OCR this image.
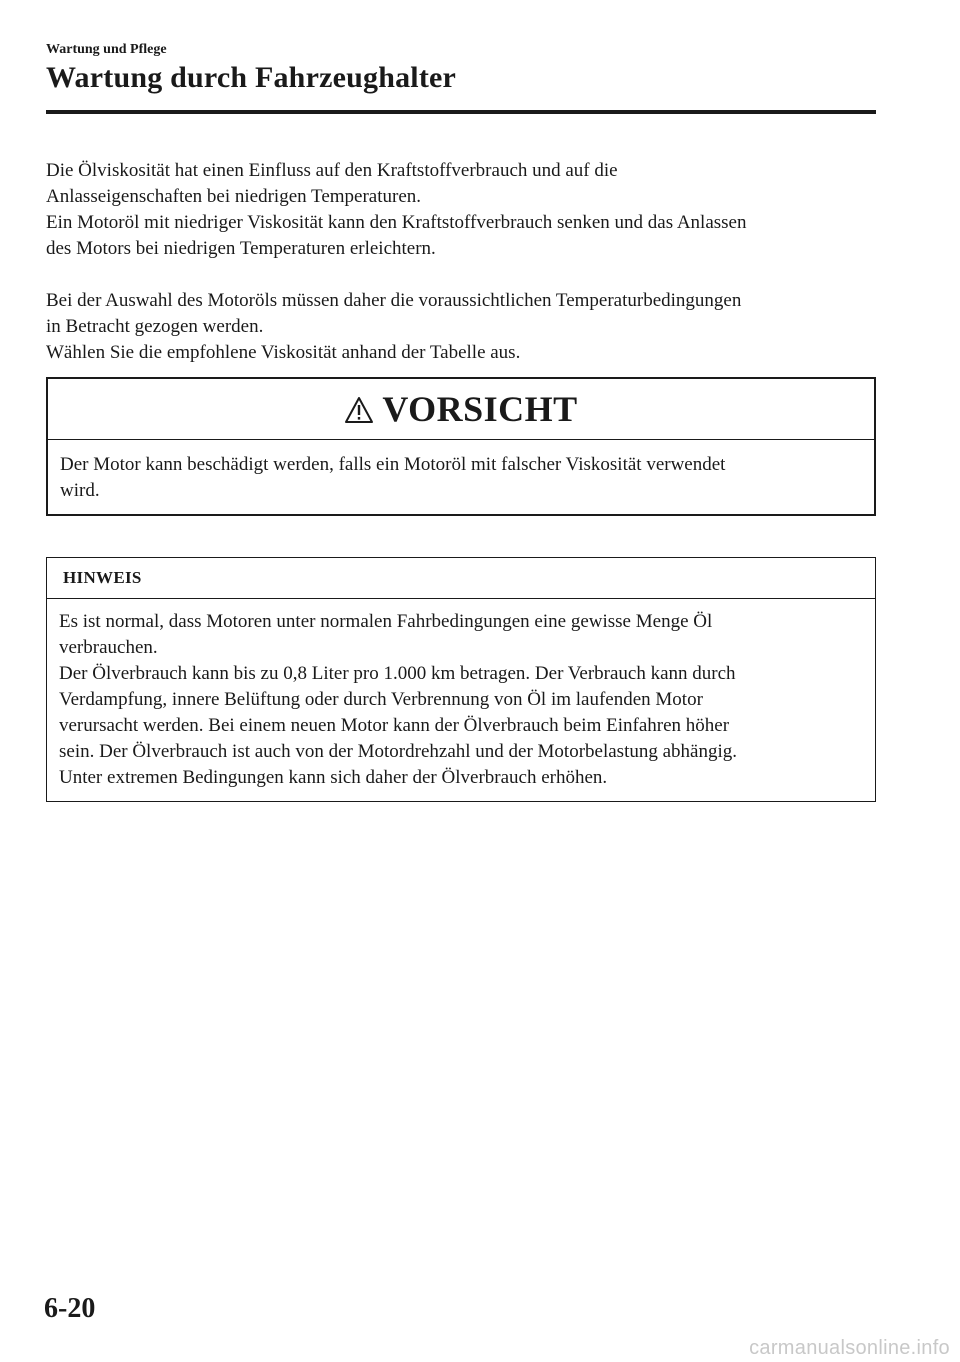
Wartung und Pflege

Wartung durch Fahrzeughalter

Die Ölviskosität hat einen Einfluss auf den Kraftstoffverbrauch und auf die

Anlasseigenschaften bei niedrigen Temperaturen.

Ein Motoröl mit niedriger Viskosität kann den Kraftstoffverbrauch senken und das Anlassen

des Motors bei niedrigen Temperaturen erleichtern.

Bei der Auswahl des Motoröls müssen daher die voraussichtlichen Temperaturbedingungen

in Betracht gezogen werden.

Wählen Sie die empfohlene Viskosität anhand der Tabelle aus.

VORSICHT
Der Motor kann beschädigt werden, falls ein Motoröl mit falscher Viskosität verwendet
wird.
HINWEIS
Es ist normal, dass Motoren unter normalen Fahrbedingungen eine gewisse Menge Öl
verbrauchen.
Der Ölverbrauch kann bis zu 0,8 Liter pro 1.000 km betragen. Der Verbrauch kann durch
Verdampfung, innere Belüftung oder durch Verbrennung von Öl im laufenden Motor
verursacht werden. Bei einem neuen Motor kann der Ölverbrauch beim Einfahren höher
sein. Der Ölverbrauch ist auch von der Motordrehzahl und der Motorbelastung abhängig.
Unter extremen Bedingungen kann sich daher der Ölverbrauch erhöhen.
6-20
carmanualsonline.info
